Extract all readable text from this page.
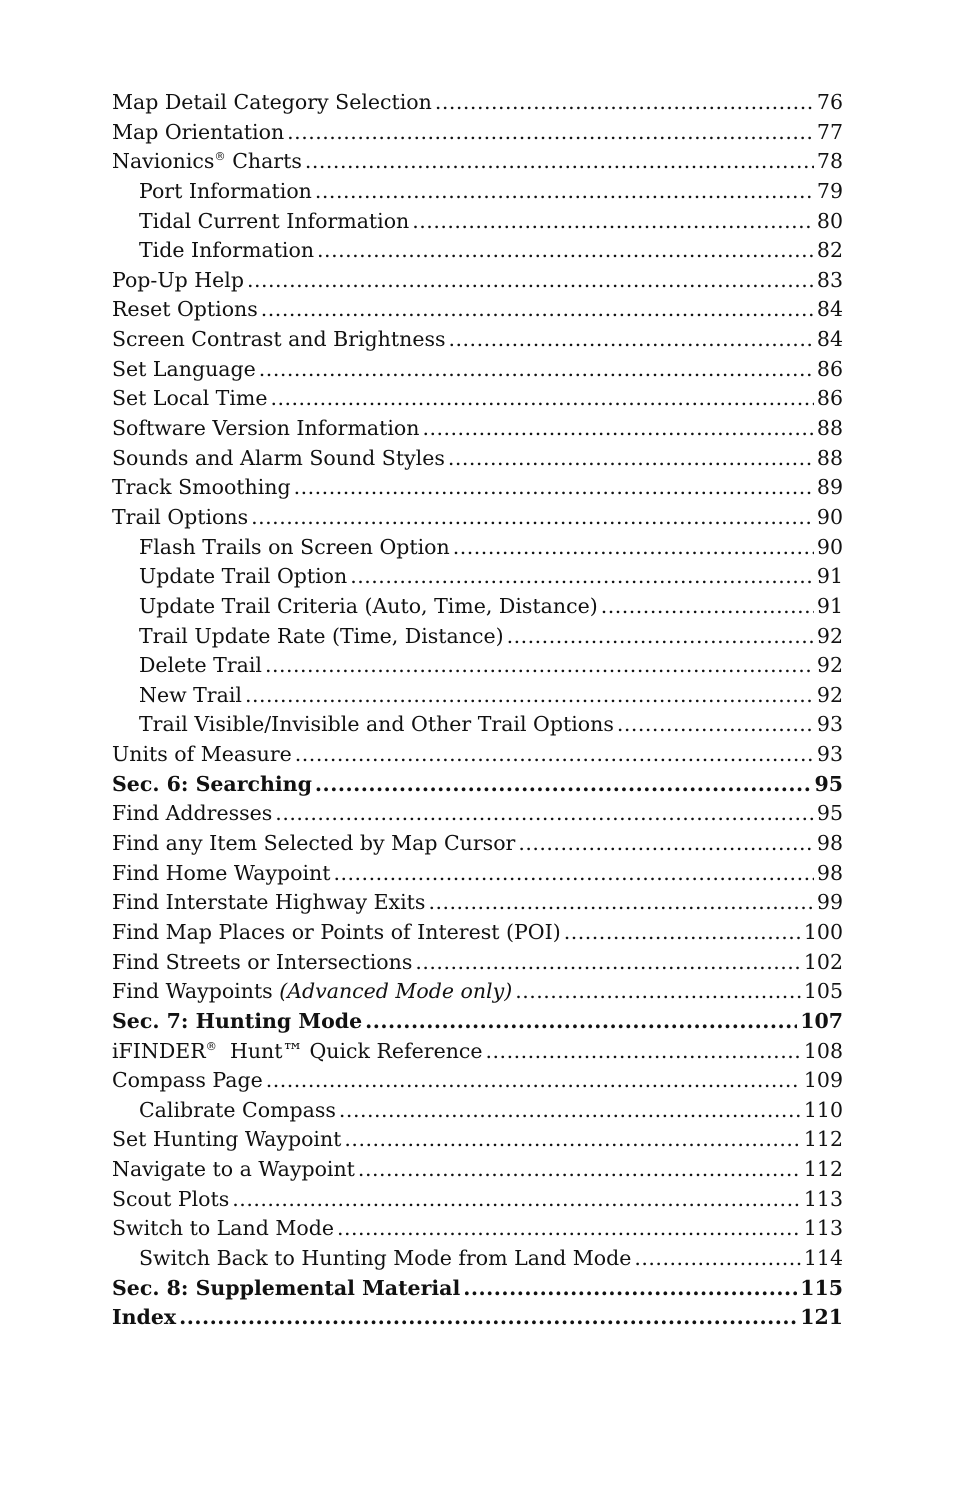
Map Detail Category Selection .....	76
Map Orientation .....	77
Navionics® Charts .....	78
Port Information .....	79
Tidal Current Information .....	80
Tide Information .....	82
Pop-Up Help .....	83
Reset Options .....	84
Screen Contrast and Brightness .....	84
Set Language .....	86
Set Local Time .....	86
Software Version Information .....	88
Sounds and Alarm Sound Styles .....	88
Track Smoothing .....	89
Trail Options .....	90
Flash Trails on Screen Option .....	90
Update Trail Option .....	91
Update Trail Criteria (Auto, Time, Distance) .....	91
Trail Update Rate (Time, Distance) .....	92
Delete Trail .....	92
New Trail .....	92
Trail Visible/Invisible and Other Trail Options .....	93
Units of Measure .....	93
Sec. 6: Searching .....	95
Find Addresses .....	95
Find any Item Selected by Map Cursor .....	98
Find Home Waypoint .....	98
Find Interstate Highway Exits .....	99
Find Map Places or Points of Interest (POI) .....	100
Find Streets or Intersections .....	102
Find Waypoints (Advanced Mode only) .....	105
Sec. 7: Hunting Mode .....	107
iFINDER®  Hunt™ Quick Reference .....	108
Compass Page .....	109
Calibrate Compass .....	110
Set Hunting Waypoint .....	112
Navigate to a Waypoint .....	112
Scout Plots .....	113
Switch to Land Mode .....	113
Switch Back to Hunting Mode from Land Mode .....	114
Sec. 8: Supplemental Material .....	115
Index .....	121
